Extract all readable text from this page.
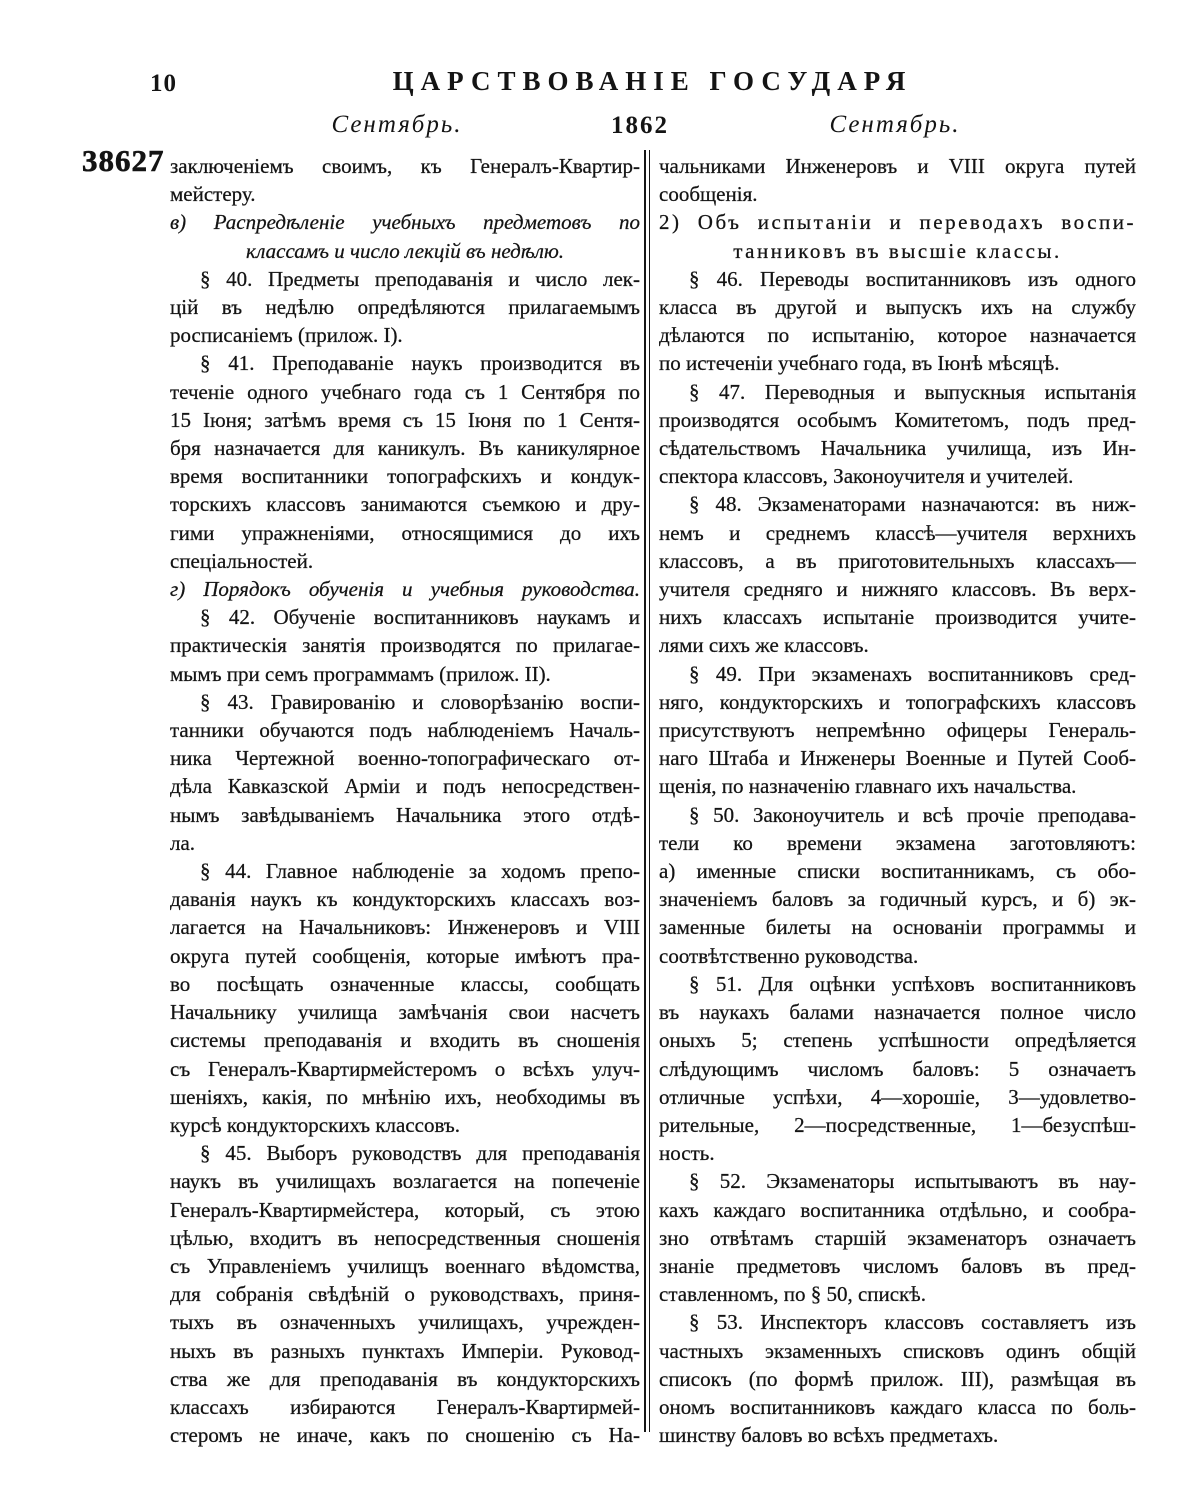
10	ЦАРСТВОВАНІЕ ГОСУДАРЯ
Сентябрь.	1862	Сентябрь.
38627 заключеніемъ своимъ, къ Генералъ-Квартир-
мейстеру.
в) Распредѣленіе учебныхъ предметовъ по
классамъ и число лекцій въ недѣлю.
§ 40. Предметы преподаванія и число лек-
цій въ недѣлю опредѣляются прилагаемымъ
росписаніемъ (прилож. I).
§ 41. Преподаваніе наукъ производится въ
теченіе одного учебнаго года съ 1 Сентября по
15 Іюня; затѣмъ время съ 15 Іюня по 1 Сентя-
бря назначается для каникулъ. Въ каникулярное
время воспитанники топографскихъ и кондук-
торскихъ классовъ занимаются съемкою и дру-
гими упражненіями, относящимися до ихъ
спеціальностей.
г) Порядокъ обученія и учебныя руководства.
§ 42. Обученіе воспитанниковъ наукамъ и
практическія занятія производятся по прилагае-
мымъ при семъ программамъ (прилож. II).
§ 43. Гравированію и словорѣзанію воспи-
танники обучаются подъ наблюденіемъ Началь-
ника Чертежной военно-топографическаго от-
дѣла Кавказской Арміи и подъ непосредствен-
нымъ завѣдываніемъ Начальника этого отдѣ-
ла.
§ 44. Главное наблюденіе за ходомъ препо-
даванія наукъ къ кондукторскихъ классахъ воз-
лагается на Начальниковъ: Инженеровъ и VIII
округа путей сообщенія, которые имѣютъ пра-
во посѣщать означенные классы, сообщать
Начальнику училища замѣчанія свои насчетъ
системы преподаванія и входить въ сношенія
съ Генералъ-Квартирмейстеромъ о всѣхъ улуч-
шеніяхъ, какія, по мнѣнію ихъ, необходимы въ
курсѣ кондукторскихъ классовъ.
§ 45. Выборъ руководствъ для преподаванія
наукъ въ училищахъ возлагается на попеченіе
Генералъ-Квартирмейстера, который, съ этою
цѣлью, входитъ въ непосредственныя сношенія
съ Управленіемъ училищъ военнаго вѣдомства,
для собранія свѣдѣній о руководствахъ, приня-
тыхъ въ означенныхъ училищахъ, учрежден-
ныхъ въ разныхъ пунктахъ Имперіи. Руковод-
ства же для преподаванія въ кондукторскихъ
классахъ избираются Генералъ-Квартирмей-
стеромъ не иначе, какъ по сношенію съ На-
чальниками Инженеровъ и VIII округа путей
сообщенія.
2) Объ испытаніи и переводахъ воспи-
танниковъ въ высшіе классы.
§ 46. Переводы воспитанниковъ изъ одного
класса въ другой и выпускъ ихъ на службу
дѣлаются по испытанію, которое назначается
по истеченіи учебнаго года, въ Іюнѣ мѣсяцѣ.
§ 47. Переводныя и выпускныя испытанія
производятся особымъ Комитетомъ, подъ пред-
сѣдательствомъ Начальника училища, изъ Ин-
спектора классовъ, Законоучителя и учителей.
§ 48. Экзаменаторами назначаются: въ ниж-
немъ и среднемъ классѣ—учителя верхнихъ
классовъ, а въ приготовительныхъ классахъ—
учителя средняго и нижняго классовъ. Въ верх-
нихъ классахъ испытаніе производится учите-
лями сихъ же классовъ.
§ 49. При экзаменахъ воспитанниковъ сред-
няго, кондукторскихъ и топографскихъ классовъ
присутствуютъ непремѣнно офицеры Генераль-
наго Штаба и Инженеры Военные и Путей Сооб-
щенія, по назначенію главнаго ихъ начальства.
§ 50. Законоучитель и всѣ прочіе преподава-
тели ко времени экзамена заготовляютъ:
а) именные списки воспитанникамъ, съ обо-
значеніемъ баловъ за годичный курсъ, и б) эк-
заменные билеты на основаніи программы и
соотвѣтственно руководства.
§ 51. Для оцѣнки успѣховъ воспитанниковъ
въ наукахъ балами назначается полное число
оныхъ 5; степень успѣшности опредѣляется
слѣдующимъ числомъ баловъ: 5 означаетъ
отличные успѣхи, 4—хорошіе, 3—удовлетво-
рительные, 2—посредственные, 1—безуспѣш-
ность.
§ 52. Экзаменаторы испытываютъ въ нау-
кахъ каждаго воспитанника отдѣльно, и сообра-
зно отвѣтамъ старшій экзаменаторъ означаетъ
знаніе предметовъ числомъ баловъ въ пред-
ставленномъ, по § 50, спискѣ.
§ 53. Инспекторъ классовъ составляетъ изъ
частныхъ экзаменныхъ списковъ одинъ общій
списокъ (по формѣ прилож. III), размѣщая въ
ономъ воспитанниковъ каждаго класса по боль-
шинству баловъ во всѣхъ предметахъ.
